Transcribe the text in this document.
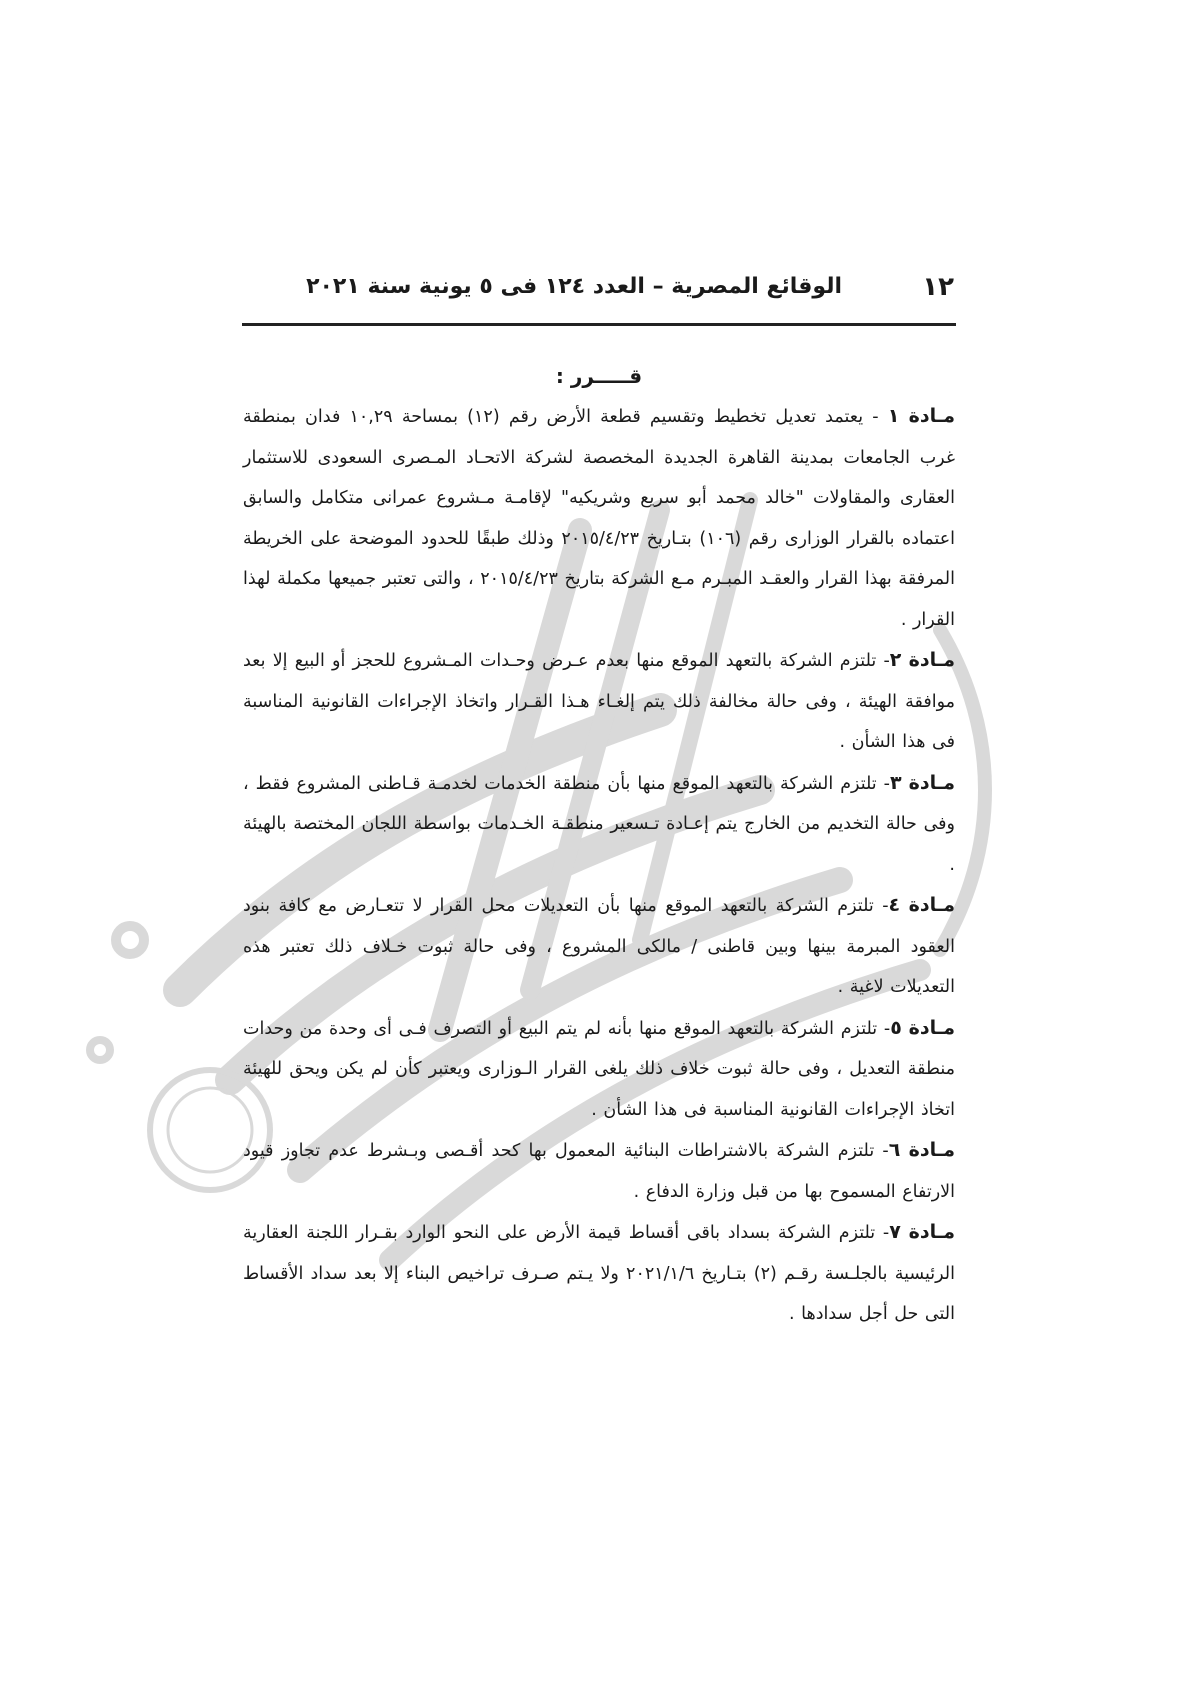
١٢
الوقائع المصرية – العدد ١٢٤ فى ٥ يونية سنة ٢٠٢١
قـــــرر :

مـادة ١ - يعتمد تعديل تخطيط وتقسيم قطعة الأرض رقم (١٢) بمساحة ١٠,٢٩ فدان بمنطقة غرب الجامعات بمدينة القاهرة الجديدة المخصصة لشركة الاتحـاد المـصرى السعودى للاستثمار العقارى والمقاولات "خالد محمد أبو سريع وشريكيه" لإقامـة مـشروع عمرانى متكامل والسابق اعتماده بالقرار الوزارى رقم (١٠٦) بتـاريخ ٢٠١٥/٤/٢٣ وذلك طبقًا للحدود الموضحة على الخريطة المرفقة بهذا القرار والعقـد المبـرم مـع الشركة بتاريخ ٢٠١٥/٤/٢٣ ، والتى تعتبر جميعها مكملة لهذا القرار .

مـادة ٢- تلتزم الشركة بالتعهد الموقع منها بعدم عـرض وحـدات المـشروع للحجز أو البيع إلا بعد موافقة الهيئة ، وفى حالة مخالفة ذلك يتم إلغـاء هـذا القـرار واتخاذ الإجراءات القانونية المناسبة فى هذا الشأن .

مـادة ٣- تلتزم الشركة بالتعهد الموقع منها بأن منطقة الخدمات لخدمـة قـاطنى المشروع فقط ، وفى حالة التخديم من الخارج يتم إعـادة تـسعير منطقـة الخـدمات بواسطة اللجان المختصة بالهيئة .

مـادة ٤- تلتزم الشركة بالتعهد الموقع منها بأن التعديلات محل القرار لا تتعـارض مع كافة بنود العقود المبرمة بينها وبين قاطنى / مالكى المشروع ، وفى حالة ثبوت خـلاف ذلك تعتبر هذه التعديلات لاغية .

مـادة ٥- تلتزم الشركة بالتعهد الموقع منها بأنه لم يتم البيع أو التصرف فـى أى وحدة من وحدات منطقة التعديل ، وفى حالة ثبوت خلاف ذلك يلغى القرار الـوزارى ويعتبر كأن لم يكن ويحق للهيئة اتخاذ الإجراءات القانونية المناسبة فى هذا الشأن .

مـادة ٦- تلتزم الشركة بالاشتراطات البنائية المعمول بها كحد أقـصى وبـشرط عدم تجاوز قيود الارتفاع المسموح بها من قبل وزارة الدفاع .

مـادة ٧- تلتزم الشركة بسداد باقى أقساط قيمة الأرض على النحو الوارد بقـرار اللجنة العقارية الرئيسية بالجلـسة رقـم (٢) بتـاريخ ٢٠٢١/١/٦ ولا يـتم صـرف تراخيص البناء إلا بعد سداد الأقساط التى حل أجل سدادها .
